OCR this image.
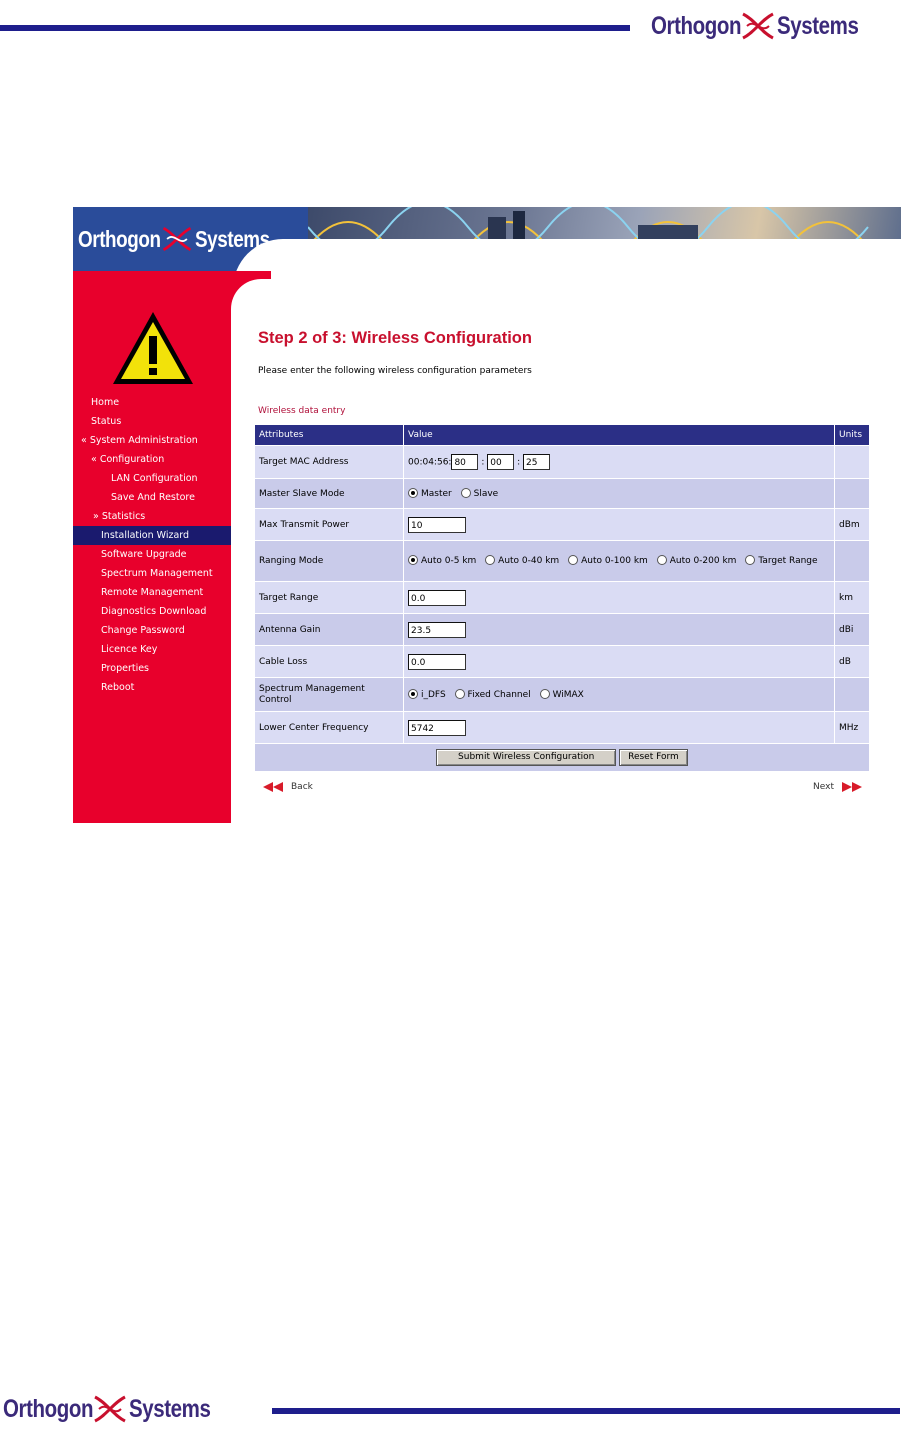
Orthogon Systems
Orthogon Systems
Home
Status
« System Administration
« Configuration
LAN Configuration
Save And Restore
» Statistics
Installation Wizard
Software Upgrade
Spectrum Management
Remote Management
Diagnostics Download
Change Password
Licence Key
Properties
Reboot
Step 2 of 3: Wireless Configuration
Please enter the following wireless configuration parameters
Wireless data entry
Attributes	Value	Units
Target MAC Address	00:04:56: 80 : 00 : 25	
Master Slave Mode	Master Slave	
Max Transmit Power	10	dBm
Ranging Mode	Auto 0-5 km Auto 0-40 km Auto 0-100 km Auto 0-200 km Target Range	
Target Range	0.0	km
Antenna Gain	23.5	dBi
Cable Loss	0.0	dB
Spectrum Management Control	i_DFS Fixed Channel WiMAX	
Lower Center Frequency	5742	MHz
Submit Wireless Configuration Reset Form		
Back	Next
Orthogon Systems
